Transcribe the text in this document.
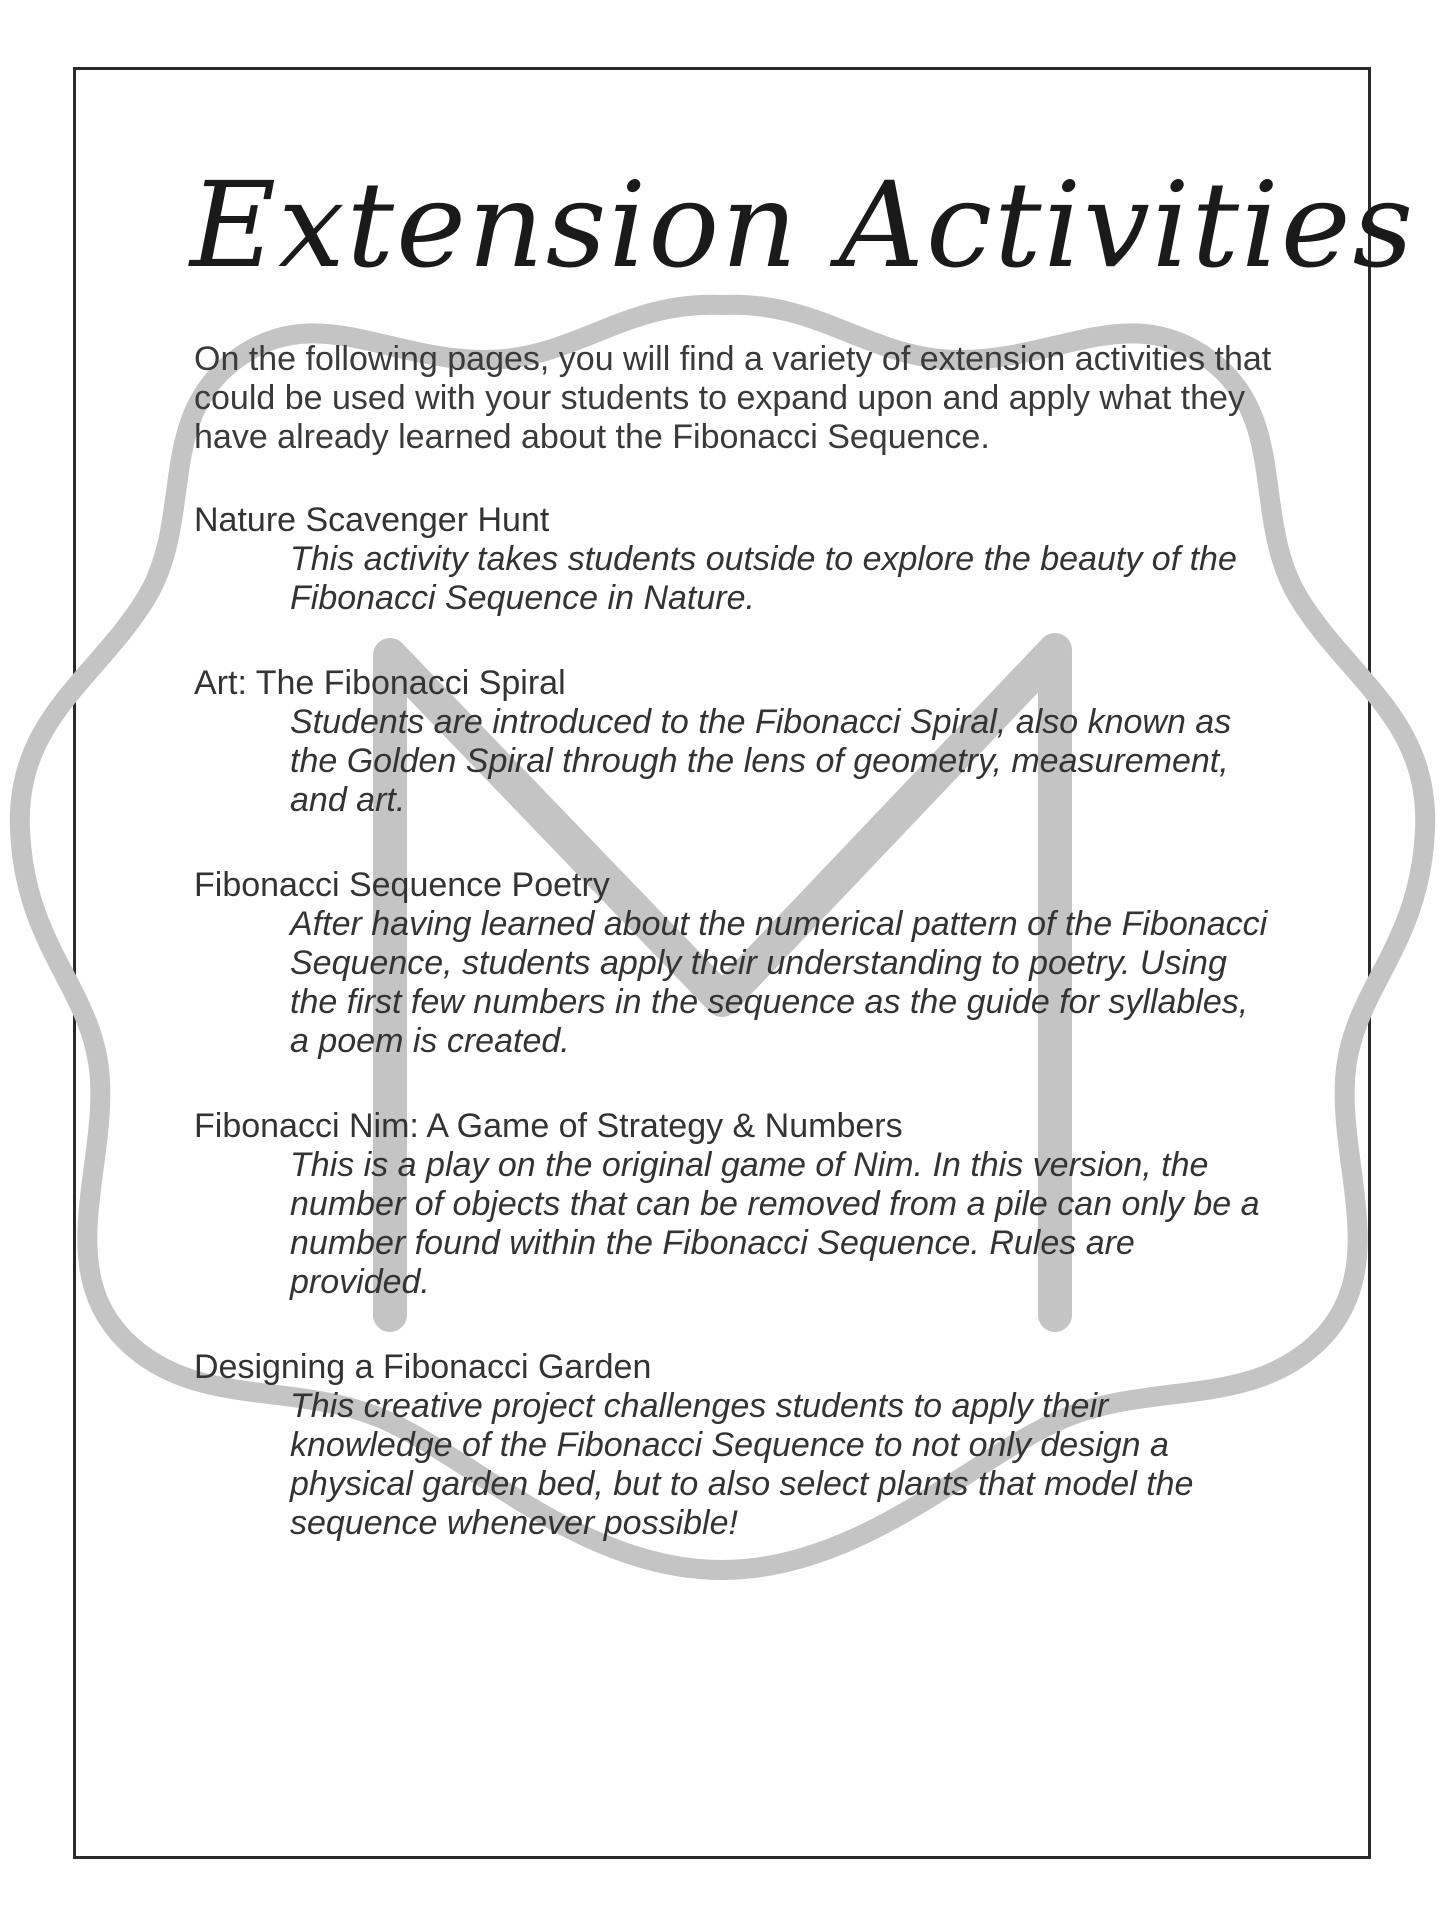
Extension Activities

On the following pages, you will find a variety of extension activities that could be used with your students to expand upon and apply what they have already learned about the Fibonacci Sequence.

Nature Scavenger Hunt

This activity takes students outside to explore the beauty of the Fibonacci Sequence in Nature.

Art: The Fibonacci Spiral

Students are introduced to the Fibonacci Spiral, also known as the Golden Spiral through the lens of geometry, measurement, and art.

Fibonacci Sequence Poetry

After having learned about the numerical pattern of the Fibonacci Sequence, students apply their understanding to poetry. Using the first few numbers in the sequence as the guide for syllables, a poem is created.

Fibonacci Nim: A Game of Strategy & Numbers

This is a play on the original game of Nim. In this version, the number of objects that can be removed from a pile can only be a number found within the Fibonacci Sequence. Rules are provided.

Designing a Fibonacci Garden

This creative project challenges students to apply their knowledge of the Fibonacci Sequence to not only design a physical garden bed, but to also select plants that model the sequence whenever possible!
